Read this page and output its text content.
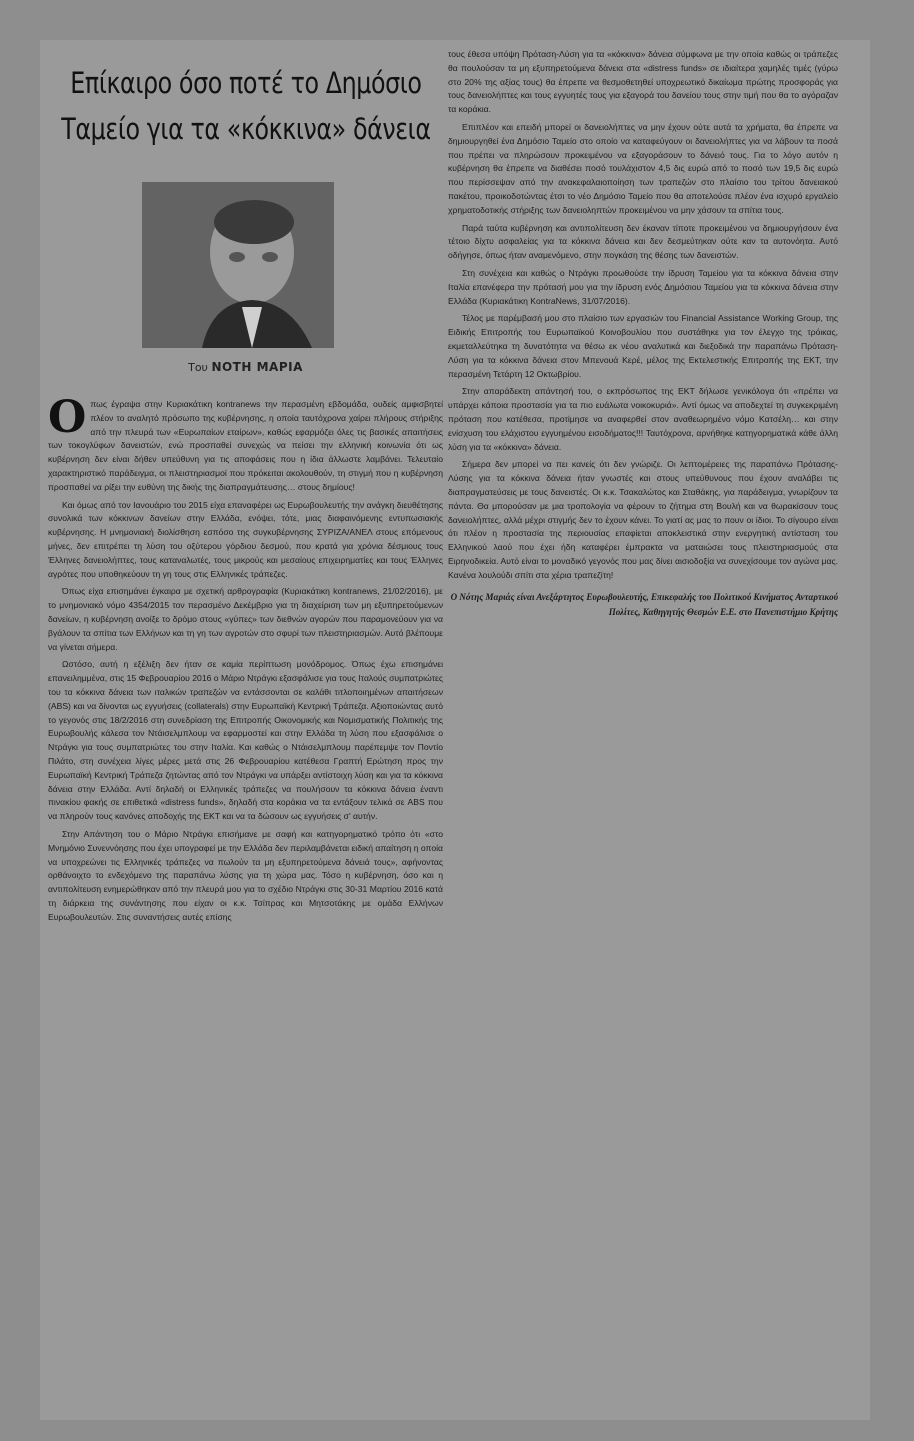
Επίκαιρο όσο ποτέ το Δημόσιο
Ταμείο για τα «κόκκινα» δάνεια
Του ΝΟΤΗ ΜΑΡΙΑ

Οπως έγραψα στην Κυριακάτικη kontranews την περασμένη εβδομάδα, ουδείς αμφισβητεί πλέον το αναλητό πρόσωπο της κυβέρνησης, η οποία ταυτόχρονα χαίρει πλήρους στήριξης από την πλευρά των «Ευρωπαίων εταίρων», καθώς εφαρμόζει όλες τις βασικές απαιτήσεις των τοκογλύφων δανειστών, ενώ προσπαθεί συνεχώς να πείσει την ελληνική κοινωνία ότι ως κυβέρνηση δεν είναι δήθεν υπεύθυνη για τις αποφάσεις που η ίδια άλλωστε λαμβάνει. Τελευταίο χαρακτηριστικό παράδειγμα, οι πλειστηριασμοί που πρόκειται ακολουθούν, τη στιγμή που η κυβέρνηση προσπαθεί να ρίξει την ευθύνη της δικής της διαπραγμάτευσης… στους δημίους!

Και όμως από τον Ιανουάριο του 2015 είχα επαναφέρει ως Ευρωβουλευτής την ανάγκη διευθέτησης συνολικά των κόκκινων δανείων στην Ελλάδα, ενόψει, τότε, μιας διαφαινόμενης εντυπωσιακής κυβέρνησης. Η μνημονιακή διολίσθηση εσπόσο της συγκυβέρνησης ΣΥΡΙΖΑ/ΑΝΕΛ στους επόμενους μήνες, δεν επιτρέπει τη λύση του οξύτερου γόρδιου δεσμού, που κρατά για χρόνια δέσμιους τους Έλληνες δανειολήπτες, τους καταναλωτές, τους μικρούς και μεσαίους επιχειρηματίες και τους Έλληνες αγρότες που υποθηκεύουν τη γη τους στις Ελληνικές τράπεζες.

Όπως είχα επισημάνει έγκαιρα με σχετική αρθρογραφία (Κυριακάτικη kontranews, 21/02/2016), με το μνημονιακό νόμο 4354/2015 τον περασμένο Δεκέμβριο για τη διαχείριση των μη εξυπηρετούμενων δανείων, η κυβέρνηση ανοίξε το δρόμο στους «γύπες» των διεθνών αγορών που παραμονεύουν για να βγάλουν τα σπίτια των Ελλήνων και τη γη των αγροτών στο σφυρί των πλειστηριασμών. Αυτό βλέπουμε να γίνεται σήμερα.

Ωστόσο, αυτή η εξέλιξη δεν ήταν σε καμία περίπτωση μονόδρομος. Όπως έχω επισημάνει επανειλημμένα, στις 15 Φεβρουαρίου 2016 ο Μάριο Ντράγκι εξασφάλισε για τους Ιταλούς συμπατριώτες του τα κόκκινα δάνεια των ιταλικών τραπεζών να εντάσσονται σε καλάθι τιτλοποιημένων απαιτήσεων (ABS) και να δίνονται ως εγγυήσεις (collaterals) στην Ευρωπαϊκή Κεντρική Τράπεζα. Αξιοποιώντας αυτό το γεγονός στις 18/2/2016 στη συνεδρίαση της Επιτροπής Οικονομικής και Νομισματικής Πολιτικής της Ευρωβουλής κάλεσα τον Ντάισελμπλουμ να εφαρμοστεί και στην Ελλάδα τη λύση που εξασφάλισε ο Ντράγκι για τους συμπατριώτες του στην Ιταλία. Και καθώς ο Ντάισελμπλουμ παρέπεμψε τον Ποντίο Πιλάτο, στη συνέχεια λίγες μέρες μετά στις 26 Φεβρουαρίου κατέθεσα Γραπτή Ερώτηση προς την Ευρωπαϊκή Κεντρική Τράπεζα ζητώντας από τον Ντράγκι να υπάρξει αντίστοιχη λύση και για τα κόκκινα δάνεια στην Ελλάδα. Αντί δηλαδή οι Ελληνικές τράπεζες να πουλήσουν τα κόκκινα δάνεια έναντι πινακίου φακής σε επιθετικά «distress funds», δηλαδή στα κοράκια να τα εντάξουν τελικά σε ABS που να πληρούν τους κανόνες αποδοχής της ΕΚΤ και να τα δώσουν ως εγγυήσεις σ' αυτήν.

Στην Απάντηση του ο Μάριο Ντράγκι επισήμανε με σαφή και κατηγορηματικό τρόπο ότι «στο Μνημόνιο Συνεννόησης που έχει υπογραφεί με την Ελλάδα δεν περιλαμβάνεται ειδική απαίτηση η οποία να υποχρεώνει τις Ελληνικές τράπεζες να πωλούν τα μη εξυπηρετούμενα δάνειά τους», αφήνοντας ορθάνοιχτο το ενδεχόμενο της παραπάνω λύσης για τη χώρα μας. Τόσο η κυβέρνηση, όσο και η αντιπολίτευση ενημερώθηκαν από την πλευρά μου για το σχέδιο Ντράγκι στις 30-31 Μαρτίου 2016 κατά τη διάρκεια της συνάντησης που είχαν οι κ.κ. Τσίπρας και Μητσοτάκης με ομάδα Ελλήνων Ευρωβουλευτών. Στις συναντήσεις αυτές επίσης

τους έθεσα υπόψη Πρόταση-Λύση για τα «κόκκινα» δάνεια σύμφωνα με την οποία καθώς οι τράπεζες θα πουλούσαν τα μη εξυπηρετούμενα δάνεια στα «distress funds» σε ιδιαίτερα χαμηλές τιμές (γύρω στο 20% της αξίας τους) θα έπρεπε να θεσμοθετηθεί υποχρεωτικό δικαίωμα πρώτης προσφοράς για τους δανειολήπτες και τους εγγυητές τους για εξαγορά του δανείου τους στην τιμή που θα το αγόραζαν τα κοράκια.

Επιπλέον και επειδή μπορεί οι δανειολήπτες να μην έχουν ούτε αυτά τα χρήματα, θα έπρεπε να δημιουργηθεί ένα Δημόσιο Ταμείο στο οποίο να καταφεύγουν οι δανειολήπτες για να λάβουν τα ποσά που πρέπει να πληρώσουν προκειμένου να εξαγοράσουν το δάνειό τους. Για το λόγο αυτόν η κυβέρνηση θα έπρεπε να διαθέσει ποσό τουλάχιστον 4,5 δις ευρώ από το ποσό των 19,5 δις ευρώ που περίσσεψαν από την ανακεφαλαιοποίηση των τραπεζών στο πλαίσιο του τρίτου δανειακού πακέτου, προικοδοτώντας έτσι το νέο Δημόσιο Ταμείο που θα αποτελούσε πλέον ένα ισχυρό εργαλείο χρηματοδοτικής στήριξης των δανειοληπτών προκειμένου να μην χάσουν τα σπίτια τους.

Παρά ταύτα κυβέρνηση και αντιπολίτευση δεν έκαναν τίποτε προκειμένου να δημιουργήσουν ένα τέτοιο δίχτυ ασφαλείας για τα κόκκινα δάνεια και δεν δεσμεύτηκαν ούτε καν τα αυτονόητα. Αυτό οδήγησε, όπως ήταν αναμενόμενο, στην πογκάση της θέσης των δανειστών.

Στη συνέχεια και καθώς ο Ντράγκι προωθούσε την ίδρυση Ταμείου για τα κόκκινα δάνεια στην Ιταλία επανέφερα την πρότασή μου για την ίδρυση ενός Δημόσιου Ταμείου για τα κόκκινα δάνεια στην Ελλάδα (Κυριακάτικη KontraNews, 31/07/2016).

Τέλος με παρέμβασή μου στο πλαίσιο των εργασιών του Financial Assistance Working Group, της Ειδικής Επιτροπής του Ευρωπαϊκού Κοινοβουλίου που συστάθηκε για τον έλεγχο της τρόικας, εκμεταλλεύτηκα τη δυνατότητα να θέσω εκ νέου αναλυτικά και διεξοδικά την παραπάνω Πρόταση-Λύση για τα κόκκινα δάνεια στον Μπενουά Κερέ, μέλος της Εκτελεστικής Επιτροπής της ΕΚΤ, την περασμένη Τετάρτη 12 Οκτωβρίου.

Στην απαράδεκτη απάντησή του, ο εκπρόσωπος της ΕΚΤ δήλωσε γενικόλογα ότι «πρέπει να υπάρχει κάποια προστασία για τα πιο ευάλωτα νοικοκυριά». Αντί όμως να αποδεχτεί τη συγκεκριμένη πρόταση που κατέθεσα, προτίμησε να αναφερθεί στον αναθεωρημένο νόμο Κατσέλη… και στην ενίσχυση του ελάχιστου εγγυημένου εισοδήματος!!! Ταυτόχρονα, αρνήθηκε κατηγορηματικά κάθε άλλη λύση για τα «κόκκινα» δάνεια.

Σήμερα δεν μπορεί να πει κανείς ότι δεν γνώριζε. Οι λεπτομέρειες της παραπάνω Πρότασης-Λύσης για τα κόκκινα δάνεια ήταν γνωστές και στους υπεύθυνους που έχουν αναλάβει τις διαπραγματεύσεις με τους δανειστές. Οι κ.κ. Τσακαλώτος και Σταθάκης, για παράδειγμα, γνωρίζουν τα πάντα. Θα μπορούσαν με μια τροπολογία να φέρουν το ζήτημα στη Βουλή και να θωρακίσουν τους δανειολήπτες, αλλά μέχρι στιγμής δεν το έχουν κάνει. Το γιατί ας μας το πουν οι ίδιοι. Το σίγουρο είναι ότι πλέον η προστασία της περιουσίας επαφίεται αποκλειστικά στην ενεργητική αντίσταση του Ελληνικού λαού που έχει ήδη καταφέρει έμπρακτα να ματαιώσει τους πλειστηριασμούς στα Ειρηνοδικεία. Αυτό είναι το μοναδικό γεγονός που μας δίνει αισιοδοξία να συνεχίσουμε τον αγώνα μας. Κανένα λουλούδι σπίτι στα χέρια τραπεζίτη!

Ο Νότης Μαριάς είναι Ανεξάρτητος Ευρωβουλευτής, Επικεφαλής του Πολιτικού Κινήματος Ανταρτικού Πολίτες, Καθηγητής Θεσμών Ε.Ε. στο Πανεπιστήμιο Κρήτης
